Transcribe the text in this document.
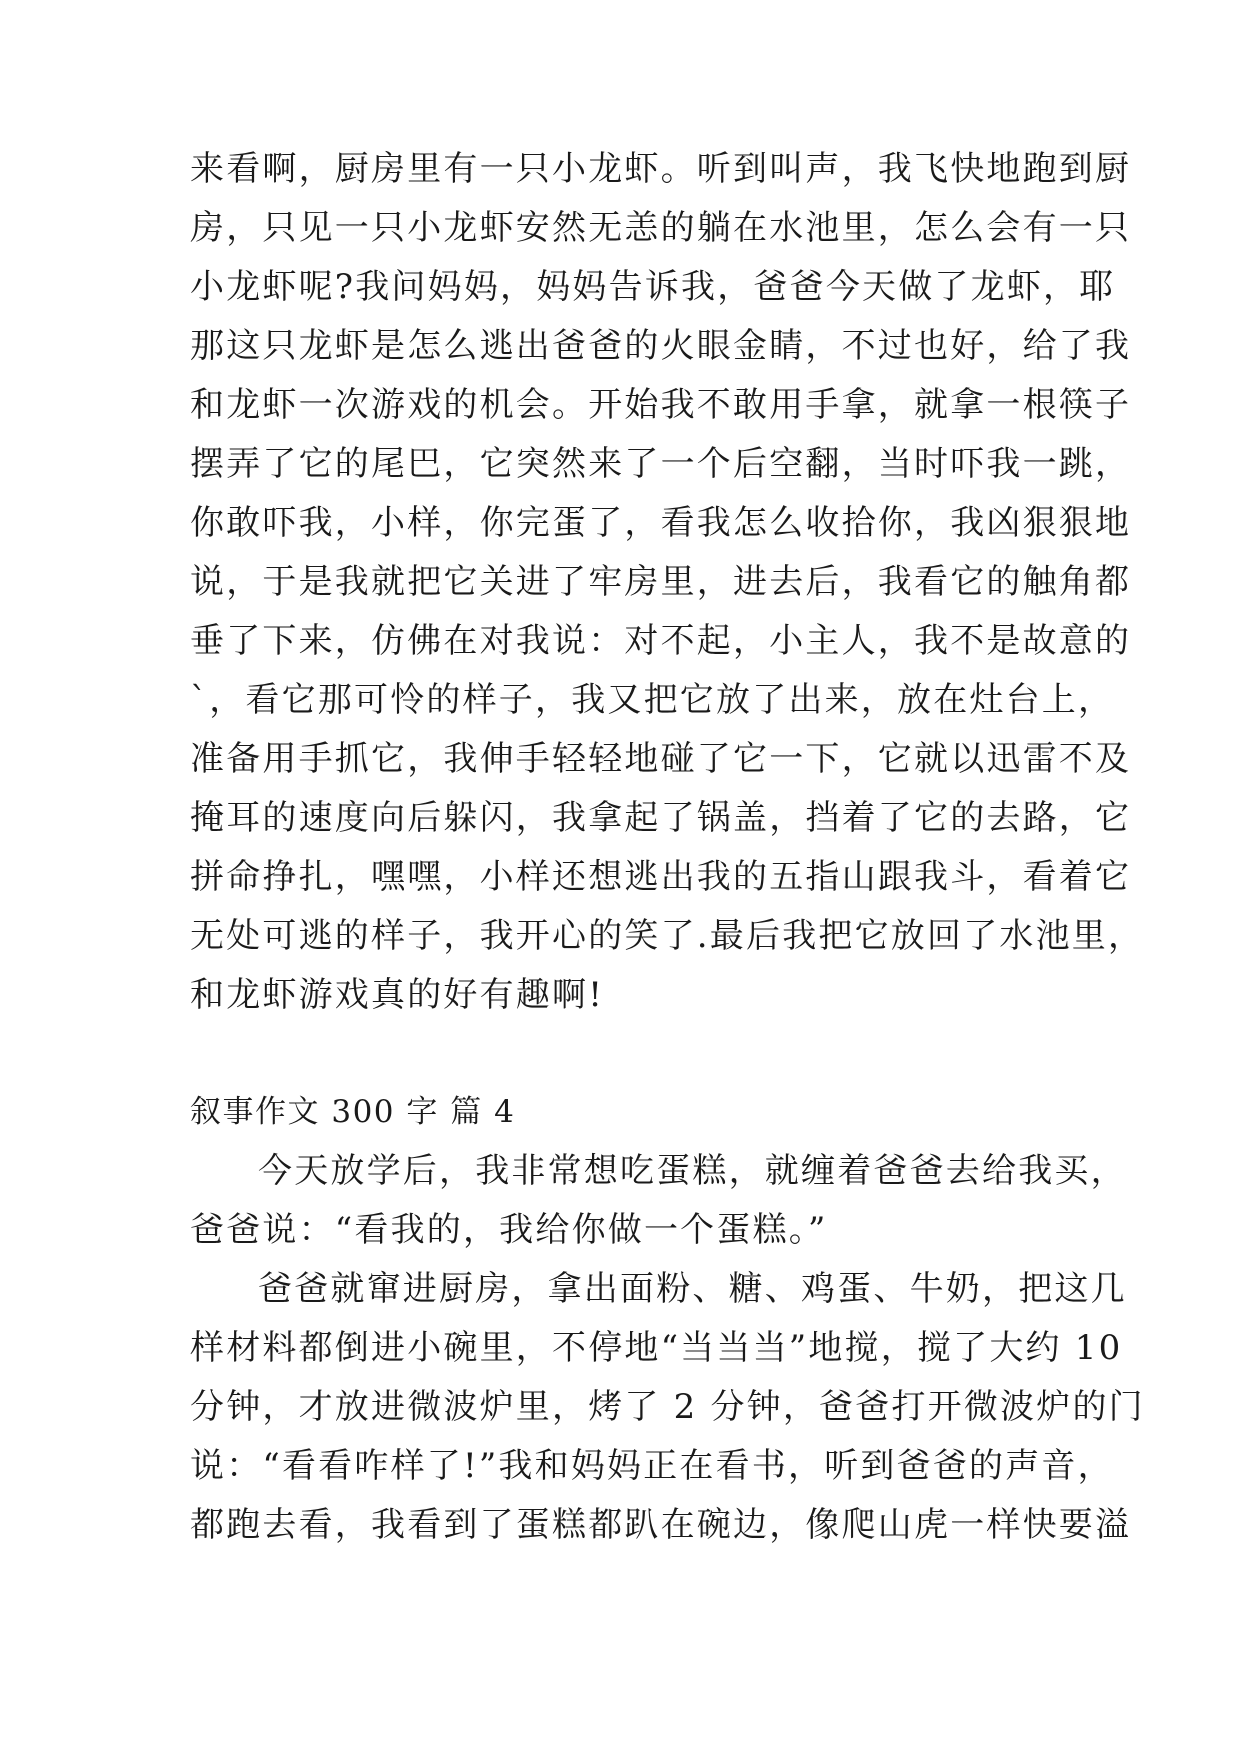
来看啊，厨房里有一只小龙虾。听到叫声，我飞快地跑到厨
房，只见一只小龙虾安然无恙的躺在水池里，怎么会有一只
小龙虾呢?我问妈妈，妈妈告诉我，爸爸今天做了龙虾，耶
那这只龙虾是怎么逃出爸爸的火眼金睛，不过也好，给了我
和龙虾一次游戏的机会。开始我不敢用手拿，就拿一根筷子
摆弄了它的尾巴，它突然来了一个后空翻，当时吓我一跳，
你敢吓我，小样，你完蛋了，看我怎么收拾你，我凶狠狠地
说，于是我就把它关进了牢房里，进去后，我看它的触角都
垂了下来，仿佛在对我说：对不起，小主人，我不是故意的
`，看它那可怜的样子，我又把它放了出来，放在灶台上，
准备用手抓它，我伸手轻轻地碰了它一下，它就以迅雷不及
掩耳的速度向后躲闪，我拿起了锅盖，挡着了它的去路，它
拼命挣扎，嘿嘿，小样还想逃出我的五指山跟我斗，看着它
无处可逃的样子，我开心的笑了.最后我把它放回了水池里，
和龙虾游戏真的好有趣啊!
叙事作文 300 字 篇 4
今天放学后，我非常想吃蛋糕，就缠着爸爸去给我买，
爸爸说：“看我的，我给你做一个蛋糕。”
爸爸就窜进厨房，拿出面粉、糖、鸡蛋、牛奶，把这几
样材料都倒进小碗里，不停地“当当当”地搅，搅了大约 10
分钟，才放进微波炉里，烤了 2 分钟，爸爸打开微波炉的门
说：“看看咋样了!”我和妈妈正在看书，听到爸爸的声音，
都跑去看，我看到了蛋糕都趴在碗边，像爬山虎一样快要溢
